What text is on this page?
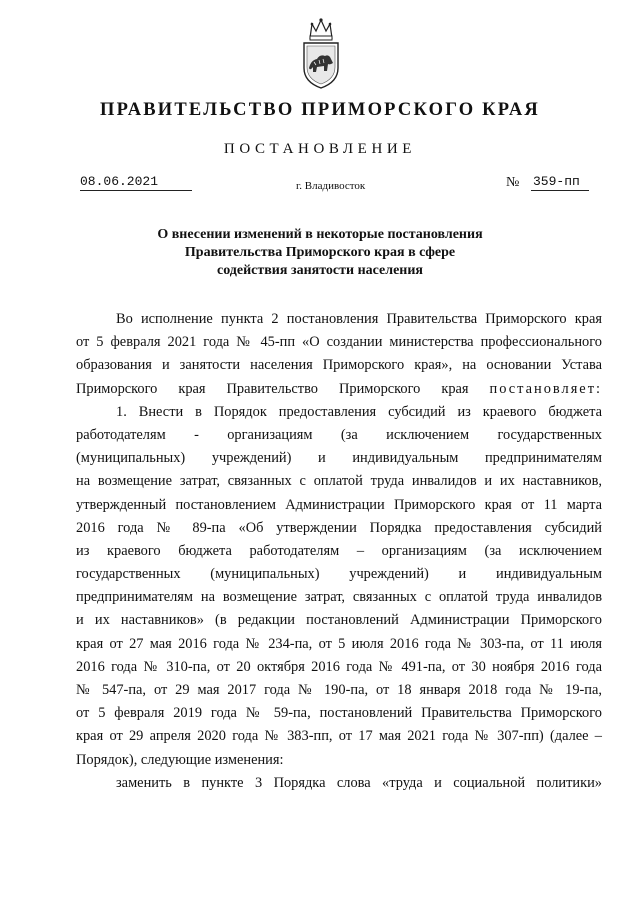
ПРАВИТЕЛЬСТВО ПРИМОРСКОГО КРАЯ
ПОСТАНОВЛЕНИЕ
08.06.2021	г. Владивосток	№ 359-пп
О внесении изменений в некоторые постановления
Правительства Приморского края в сфере
содействия занятости населения
Во исполнение пункта 2 постановления Правительства Приморского края
от 5 февраля 2021 года № 45-пп «О создании министерства профессионального
образования и занятости населения Приморского края», на основании Устава
Приморского края Правительство Приморского края постановляет:
1. Внести в Порядок предоставления субсидий из краевого бюджета
работодателям - организациям (за исключением государственных
(муниципальных) учреждений) и индивидуальным предпринимателям
на возмещение затрат, связанных с оплатой труда инвалидов и их наставников,
утвержденный постановлением Администрации Приморского края от 11 марта
2016 года № 89-па «Об утверждении Порядка предоставления субсидий
из краевого бюджета работодателям – организациям (за исключением
государственных (муниципальных) учреждений) и индивидуальным
предпринимателям на возмещение затрат, связанных с оплатой труда инвалидов
и их наставников» (в редакции постановлений Администрации Приморского
края от 27 мая 2016 года № 234-па, от 5 июля 2016 года № 303-па, от 11 июля
2016 года № 310-па, от 20 октября 2016 года № 491-па, от 30 ноября 2016 года
№ 547-па, от 29 мая 2017 года № 190-па, от 18 января 2018 года № 19-па,
от 5 февраля 2019 года № 59-па, постановлений Правительства Приморского
края от 29 апреля 2020 года № 383-пп, от 17 мая 2021 года № 307-пп) (далее –
Порядок), следующие изменения:
заменить в пункте 3 Порядка слова «труда и социальной политики»
